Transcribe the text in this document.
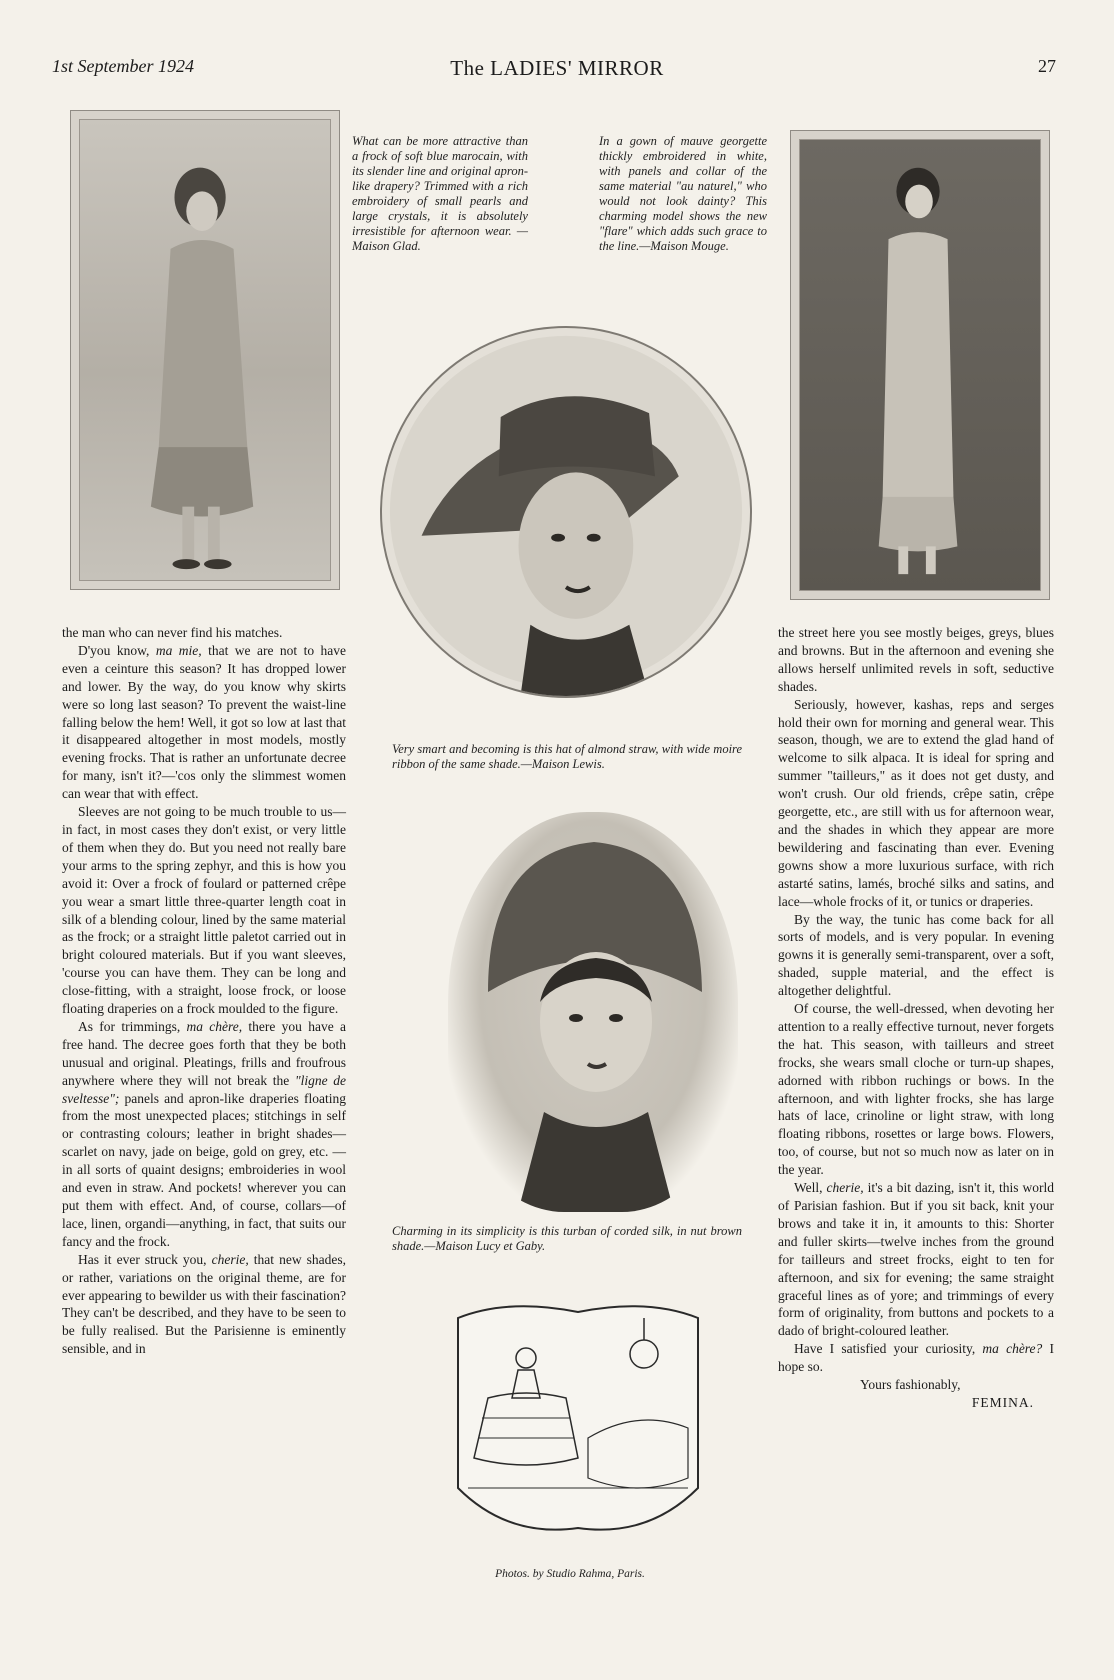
1st September 1924	The LADIES' MIRROR	27

What can be more attractive than a frock of soft blue marocain, with its slender line and original apron-like drapery? Trimmed with a rich embroidery of small pearls and large crystals, it is absolutely irresistible for afternoon wear. —Maison Glad.

In a gown of mauve georgette thickly embroidered in white, with panels and collar of the same material "au naturel," who would not look dainty? This charming model shows the new "flare" which adds such grace to the line.—Maison Mouge.

Very smart and becoming is this hat of almond straw, with wide moire ribbon of the same shade.—Maison Lewis.

Charming in its simplicity is this turban of corded silk, in nut brown shade.—Maison Lucy et Gaby.

Photos. by Studio Rahma, Paris.

the man who can never find his matches.

D'you know, ma mie, that we are not to have even a ceinture this season? It has dropped lower and lower. By the way, do you know why skirts were so long last season? To prevent the waist-line falling below the hem! Well, it got so low at last that it disappeared altogether in most models, mostly evening frocks. That is rather an unfortunate decree for many, isn't it?—'cos only the slimmest women can wear that with effect.

Sleeves are not going to be much trouble to us—in fact, in most cases they don't exist, or very little of them when they do. But you need not really bare your arms to the spring zephyr, and this is how you avoid it: Over a frock of foulard or patterned crêpe you wear a smart little three-quarter length coat in silk of a blending colour, lined by the same material as the frock; or a straight little paletot carried out in bright coloured materials. But if you want sleeves, 'course you can have them. They can be long and close-fitting, with a straight, loose frock, or loose floating draperies on a frock moulded to the figure.

As for trimmings, ma chère, there you have a free hand. The decree goes forth that they be both unusual and original. Pleatings, frills and froufrous anywhere where they will not break the "ligne de sveltesse"; panels and apron-like draperies floating from the most unexpected places; stitchings in self or contrasting colours; leather in bright shades—scarlet on navy, jade on beige, gold on grey, etc. —in all sorts of quaint designs; embroideries in wool and even in straw. And pockets! wherever you can put them with effect. And, of course, collars—of lace, linen, organdi—anything, in fact, that suits our fancy and the frock.

Has it ever struck you, cherie, that new shades, or rather, variations on the original theme, are for ever appearing to bewilder us with their fascination? They can't be described, and they have to be seen to be fully realised. But the Parisienne is eminently sensible, and in

the street here you see mostly beiges, greys, blues and browns. But in the afternoon and evening she allows herself unlimited revels in soft, seductive shades.

Seriously, however, kashas, reps and serges hold their own for morning and general wear. This season, though, we are to extend the glad hand of welcome to silk alpaca. It is ideal for spring and summer "tailleurs," as it does not get dusty, and won't crush. Our old friends, crêpe satin, crêpe georgette, etc., are still with us for afternoon wear, and the shades in which they appear are more bewildering and fascinating than ever. Evening gowns show a more luxurious surface, with rich astarté satins, lamés, broché silks and satins, and lace—whole frocks of it, or tunics or draperies.

By the way, the tunic has come back for all sorts of models, and is very popular. In evening gowns it is generally semi-transparent, over a soft, shaded, supple material, and the effect is altogether delightful.

Of course, the well-dressed, when devoting her attention to a really effective turnout, never forgets the hat. This season, with tailleurs and street frocks, she wears small cloche or turn-up shapes, adorned with ribbon ruchings or bows. In the afternoon, and with lighter frocks, she has large hats of lace, crinoline or light straw, with long floating ribbons, rosettes or large bows. Flowers, too, of course, but not so much now as later on in the year.

Well, cherie, it's a bit dazing, isn't it, this world of Parisian fashion. But if you sit back, knit your brows and take it in, it amounts to this: Shorter and fuller skirts—twelve inches from the ground for tailleurs and street frocks, eight to ten for afternoon, and six for evening; the same straight graceful lines as of yore; and trimmings of every form of originality, from buttons and pockets to a dado of bright-coloured leather.

Have I satisfied your curiosity, ma chère? I hope so.

Yours fashionably,

FEMINA.
